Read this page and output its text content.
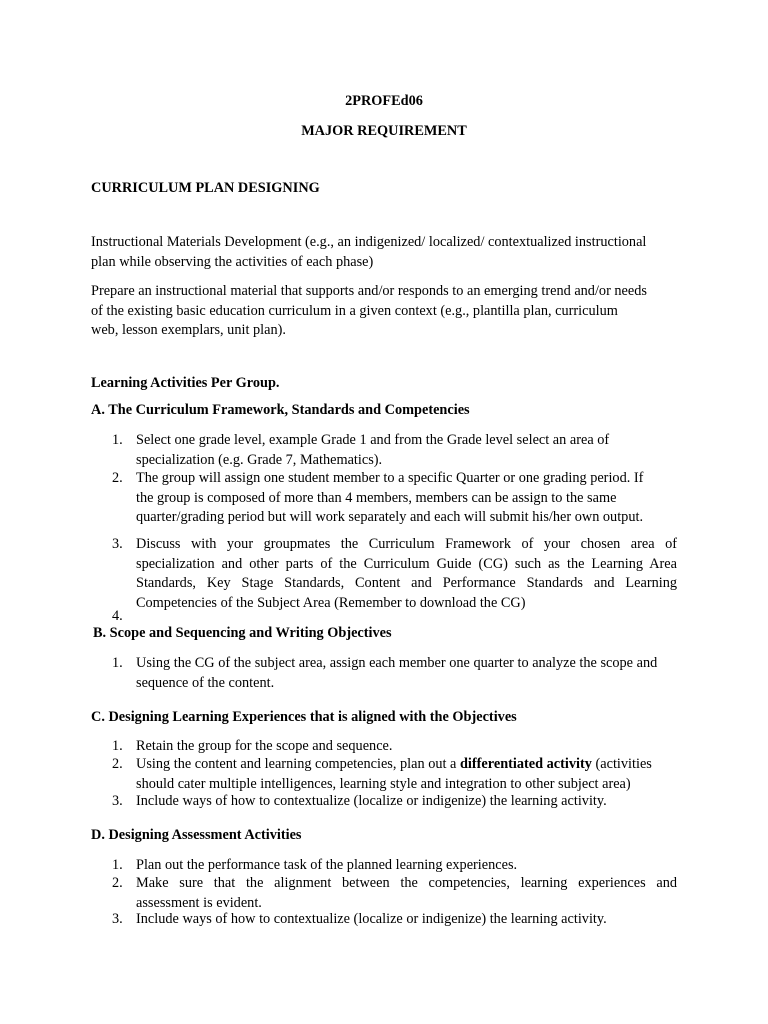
2PROFEd06
MAJOR REQUIREMENT
CURRICULUM PLAN DESIGNING
Instructional Materials Development (e.g., an indigenized/ localized/ contextualized instructional
plan while observing the activities of each phase)
Prepare an instructional material that supports and/or responds to an emerging trend and/or needs
of the existing basic education curriculum in a given context (e.g., plantilla plan, curriculum
web, lesson exemplars, unit plan).
Learning Activities Per Group.
A. The Curriculum Framework, Standards and Competencies
1. Select one grade level, example Grade 1 and from the Grade level select an area of
specialization (e.g. Grade 7, Mathematics).
2. The group will assign one student member to a specific Quarter or one grading period. If
the group is composed of more than 4 members, members can be assign to the same
quarter/grading period but will work separately and each will submit his/her own output.
3. Discuss with your groupmates the Curriculum Framework of your chosen area of
specialization and other parts of the Curriculum Guide (CG) such as the Learning Area
Standards, Key Stage Standards, Content and Performance Standards and Learning
Competencies of the Subject Area (Remember to download the CG)
4.
B. Scope and Sequencing and Writing Objectives
1. Using the CG of the subject area, assign each member one quarter to analyze the scope and
sequence of the content.
C. Designing Learning Experiences that is aligned with the Objectives
1. Retain the group for the scope and sequence.
2. Using the content and learning competencies, plan out a differentiated activity (activities
should cater multiple intelligences, learning style and integration to other subject area)
3. Include ways of how to contextualize (localize or indigenize) the learning activity.
D. Designing Assessment Activities
1. Plan out the performance task of the planned learning experiences.
2. Make sure that the alignment between the competencies, learning experiences and
assessment is evident.
3. Include ways of how to contextualize (localize or indigenize) the learning activity.
